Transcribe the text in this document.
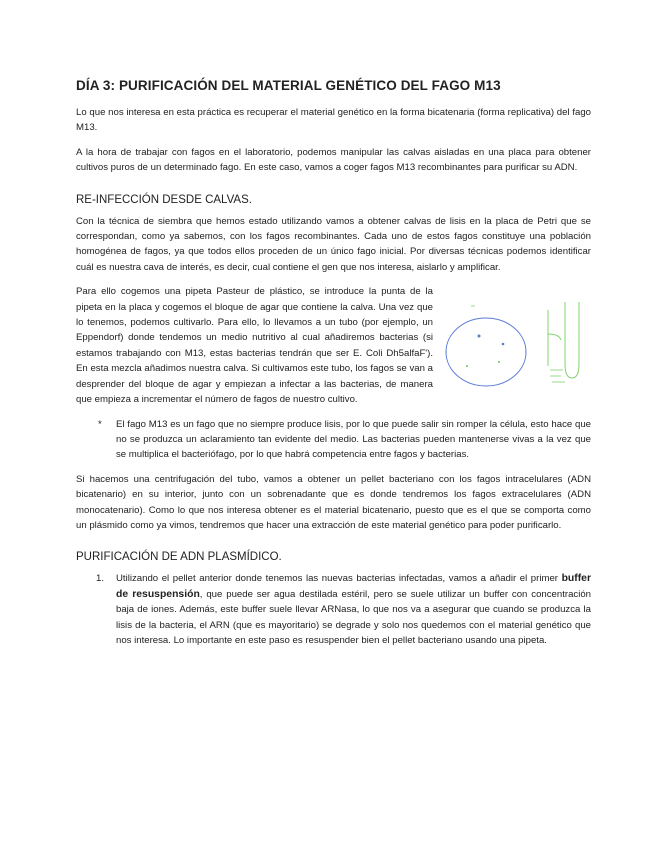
DÍA 3: PURIFICACIÓN DEL MATERIAL GENÉTICO DEL FAGO M13

Lo que nos interesa en esta práctica es recuperar el material genético en la forma bicatenaria (forma replicativa) del fago M13.

A la hora de trabajar con fagos en el laboratorio, podemos manipular las calvas aisladas en una placa para obtener cultivos puros de un determinado fago. En este caso, vamos a coger fagos M13 recombinantes para purificar su ADN.

RE-INFECCIÓN DESDE CALVAS.

Con la técnica de siembra que hemos estado utilizando vamos a obtener calvas de lisis en la placa de Petri que se correspondan, como ya sabemos, con los fagos recombinantes. Cada uno de estos fagos constituye una población homogénea de fagos, ya que todos ellos proceden de un único fago inicial. Por diversas técnicas podemos identificar cuál es nuestra cava de interés, es decir, cual contiene el gen que nos interesa, aislarlo y amplificar.

Para ello cogemos una pipeta Pasteur de plástico, se introduce la punta de la pipeta en la placa y cogemos el bloque de agar que contiene la calva. Una vez que lo tenemos, podemos cultivarlo. Para ello, lo llevamos a un tubo (por ejemplo, un Eppendorf) donde tendemos un medio nutritivo al cual añadiremos bacterias (si estamos trabajando con M13, estas bacterias tendrán que ser E. Coli Dh5alfaF'). En esta mezcla añadimos nuestra calva. Si cultivamos este tubo, los fagos se van a desprender del bloque de agar y empiezan a infectar a las bacterias, de manera que empieza a incrementar el número de fagos de nuestro cultivo.

*	El fago M13 es un fago que no siempre produce lisis, por lo que puede salir sin romper la célula, esto hace que no se produzca un aclaramiento tan evidente del medio. Las bacterias pueden mantenerse vivas a la vez que se multiplica el bacteriófago, por lo que habrá competencia entre fagos y bacterias.

Si hacemos una centrifugación del tubo, vamos a obtener un pellet bacteriano con los fagos intracelulares (ADN bicatenario) en su interior, junto con un sobrenadante que es donde tendremos los fagos extracelulares (ADN monocatenario). Como lo que nos interesa obtener es el material bicatenario, puesto que es el que se comporta como un plásmido como ya vimos, tendremos que hacer una extracción de este material genético para poder purificarlo.

PURIFICACIÓN DE ADN PLASMÍDICO.
1.	Utilizando el pellet anterior donde tenemos las nuevas bacterias infectadas, vamos a añadir el primer buffer de resuspensión, que puede ser agua destilada estéril, pero se suele utilizar un buffer con concentración baja de iones. Además, este buffer suele llevar ARNasa, lo que nos va a asegurar que cuando se produzca la lisis de la bacteria, el ARN (que es mayoritario) se degrade y solo nos quedemos con el material genético que nos interesa. Lo importante en este paso es resuspender bien el pellet bacteriano usando una pipeta.
